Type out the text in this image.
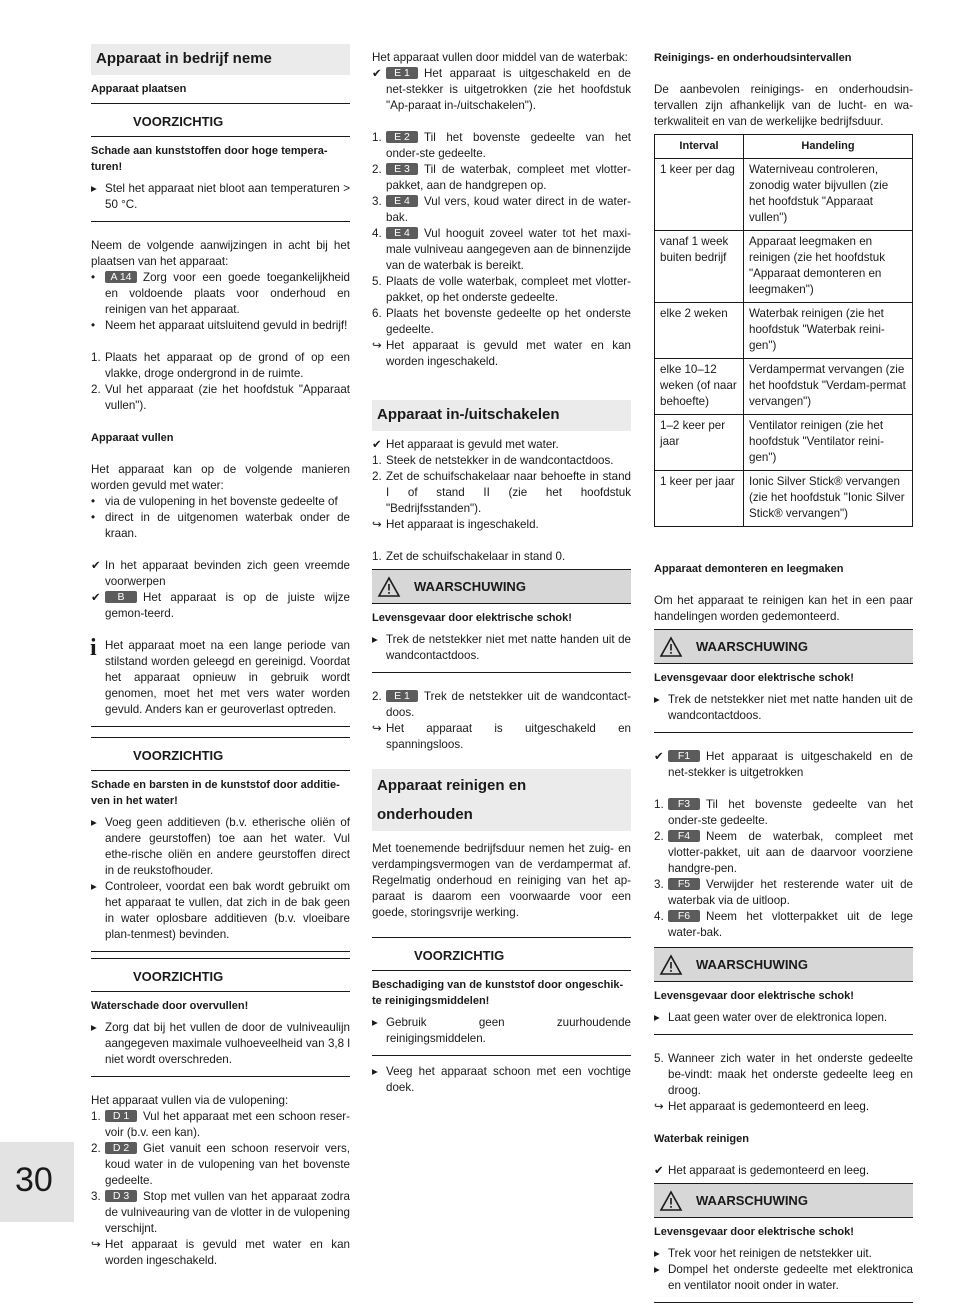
Apparaat in bedrijf neme
Apparaat plaatsen
VOORZICHTIG
Schade aan kunststoffen door hoge tempera-turen!
▸ Stel het apparaat niet bloot aan temperaturen > 50 °C.
Neem de volgende aanwijzingen in acht bij het plaatsen van het apparaat:
• A 14 Zorg voor een goede toegankelijkheid en voldoende plaats voor onderhoud en reinigen van het apparaat.
• Neem het apparaat uitsluitend gevuld in bedrijf!
1. Plaats het apparaat op de grond of op een vlakke, droge ondergrond in de ruimte.
2. Vul het apparaat (zie het hoofdstuk "Apparaat vullen").
Apparaat vullen
Het apparaat kan op de volgende manieren worden gevuld met water:
• via de vulopening in het bovenste gedeelte of
• direct in de uitgenomen waterbak onder de kraan.
✔ In het apparaat bevinden zich geen vreemde voorwerpen
✔ B Het apparaat is op de juiste wijze gemon-teerd.
i Het apparaat moet na een lange periode van stilstand worden geleegd en gereinigd. Voordat het apparaat opnieuw in gebruik wordt genomen, moet het met vers water worden gevuld. Anders kan er geuroverlast optreden.
VOORZICHTIG
Schade en barsten in de kunststof door additie-ven in het water!
▸ Voeg geen additieven (b.v. etherische oliën of andere geurstoffen) toe aan het water. Vul ethe-rische oliën en andere geurstoffen direct in de reukstofhouder.
▸ Controleer, voordat een bak wordt gebruikt om het apparaat te vullen, dat zich in de bak geen in water oplosbare additieven (b.v. vloeibare plan-tenmest) bevinden.
VOORZICHTIG
Waterschade door overvullen!
▸ Zorg dat bij het vullen de door de vulniveaulijn aangegeven maximale vulhoeveelheid van 3,8 l niet wordt overschreden.
Het apparaat vullen via de vulopening:
1. D 1 Vul het apparaat met een schoon reser-voir (b.v. een kan).
2. D 2 Giet vanuit een schoon reservoir vers, koud water in de vulopening van het bovenste gedeelte.
3. D 3 Stop met vullen van het apparaat zodra de vulniveauring van de vlotter in de vulopening verschijnt.
↪ Het apparaat is gevuld met water en kan worden ingeschakeld.
Het apparaat vullen door middel van de waterbak:
✔ E 1 Het apparaat is uitgeschakeld en de net-stekker is uitgetrokken (zie het hoofdstuk "Ap-paraat in-/uitschakelen").
1. E 2 Til het bovenste gedeelte van het onder-ste gedeelte.
2. E 3 Til de waterbak, compleet met vlotter-pakket, aan de handgrepen op.
3. E 4 Vul vers, koud water direct in de water-bak.
4. E 4 Vul hooguit zoveel water tot het maxi-male vulniveau aangegeven aan de binnenzijde van de waterbak is bereikt.
5. Plaats de volle waterbak, compleet met vlotter-pakket, op het onderste gedeelte.
6. Plaats het bovenste gedeelte op het onderste gedeelte.
↪ Het apparaat is gevuld met water en kan worden ingeschakeld.
Apparaat in-/uitschakelen
✔ Het apparaat is gevuld met water.
1. Steek de netstekker in de wandcontactdoos.
2. Zet de schuifschakelaar naar behoefte in stand I of stand II (zie het hoofdstuk "Bedrijfsstanden").
↪ Het apparaat is ingeschakeld.
1. Zet de schuifschakelaar in stand 0.
WAARSCHUWING
Levensgevaar door elektrische schok!
▸ Trek de netstekker niet met natte handen uit de wandcontactdoos.
2. E 1 Trek de netstekker uit de wandcontact-doos.
↪ Het apparaat is uitgeschakeld en spanningsloos.
Apparaat reinigen en
onderhouden
Met toenemende bedrijfsduur nemen het zuig- en verdampingsvermogen van de verdampermat af. Regelmatig onderhoud en reiniging van het ap-paraat is daarom een voorwaarde voor een goede, storingsvrije werking.
VOORZICHTIG
Beschadiging van de kunststof door ongeschik-te reinigingsmiddelen!
▸ Gebruik geen zuurhoudende reinigingsmiddelen.
▸ Veeg het apparaat schoon met een vochtige doek.
Reinigings- en onderhoudsintervallen
De aanbevolen reinigings- en onderhoudsin-tervallen zijn afhankelijk van de lucht- en wa-terkwaliteit en van de werkelijke bedrijfsduur.
Interval	Handeling
1 keer per dag	Waterniveau controleren, zonodig water bijvullen (zie het hoofdstuk "Apparaat vullen")
vanaf 1 week buiten bedrijf	Apparaat leegmaken en reinigen (zie het hoofdstuk "Apparaat demonteren en leegmaken")
elke 2 weken	Waterbak reinigen (zie het hoofdstuk "Waterbak reini-gen")
elke 10–12 weken (of naar behoefte)	Verdampermat vervangen (zie het hoofdstuk "Verdam-permat vervangen")
1–2 keer per jaar	Ventilator reinigen (zie het hoofdstuk "Ventilator reini-gen")
1 keer per jaar	Ionic Silver Stick® vervangen (zie het hoofdstuk "Ionic Silver Stick® vervangen")
Apparaat demonteren en leegmaken
Om het apparaat te reinigen kan het in een paar handelingen worden gedemonteerd.
WAARSCHUWING
Levensgevaar door elektrische schok!
▸ Trek de netstekker niet met natte handen uit de wandcontactdoos.
✔ F1 Het apparaat is uitgeschakeld en de net-stekker is uitgetrokken
1. F3 Til het bovenste gedeelte van het onder-ste gedeelte.
2. F4 Neem de waterbak, compleet met vlotter-pakket, uit aan de daarvoor voorziene handgre-pen.
3. F5 Verwijder het resterende water uit de waterbak via de uitloop.
4. F6 Neem het vlotterpakket uit de lege water-bak.
WAARSCHUWING
Levensgevaar door elektrische schok!
▸ Laat geen water over de elektronica lopen.
5. Wanneer zich water in het onderste gedeelte be-vindt: maak het onderste gedeelte leeg en droog.
↪ Het apparaat is gedemonteerd en leeg.
Waterbak reinigen
✔ Het apparaat is gedemonteerd en leeg.
WAARSCHUWING
Levensgevaar door elektrische schok!
▸ Trek voor het reinigen de netstekker uit.
▸ Dompel het onderste gedeelte met elektronica en ventilator nooit onder in water.
30
